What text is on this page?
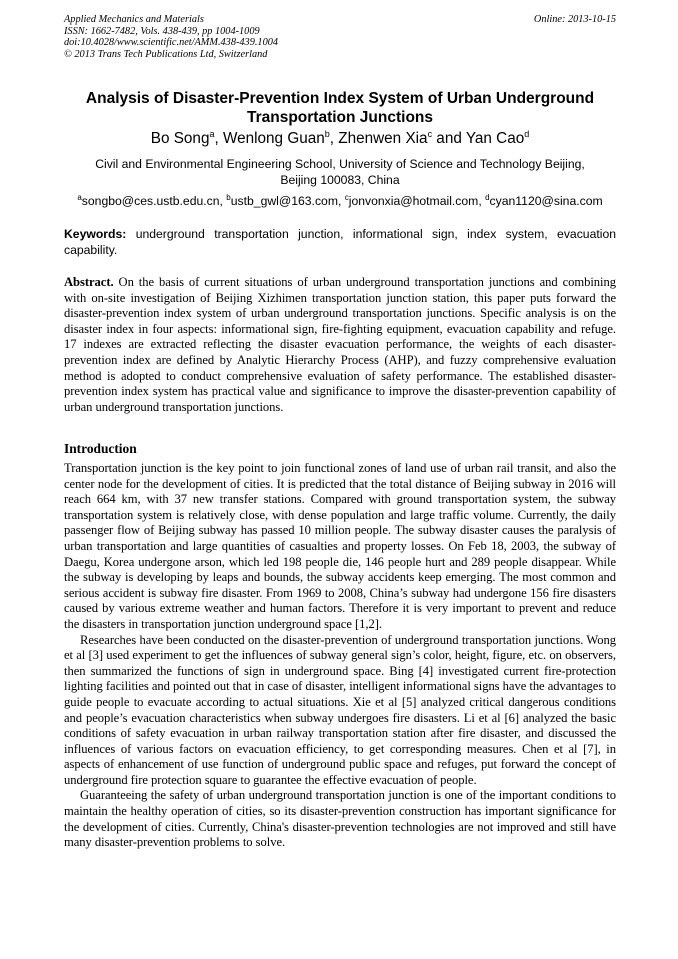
Applied Mechanics and Materials
ISSN: 1662-7482, Vols. 438-439, pp 1004-1009
doi:10.4028/www.scientific.net/AMM.438-439.1004
© 2013 Trans Tech Publications Ltd, Switzerland
Online: 2013-10-15
Analysis of Disaster-Prevention Index System of Urban Underground
Transportation Junctions
Bo Song$^a$, Wenlong Guan$^b$, Zhenwen Xia$^c$ and Yan Cao$^d$
Civil and Environmental Engineering School, University of Science and Technology Beijing,
Beijing 100083, China
$^a$songbo@ces.ustb.edu.cn, $^b$ustb_gwl@163.com, $^c$jonvonxia@hotmail.com, $^d$cyan1120@sina.com
Keywords: underground transportation junction, informational sign, index system, evacuation capability.

Abstract. On the basis of current situations of urban underground transportation junctions and combining with on-site investigation of Beijing Xizhimen transportation junction station, this paper puts forward the disaster-prevention index system of urban underground transportation junctions. Specific analysis is on the disaster index in four aspects: informational sign, fire-fighting equipment, evacuation capability and refuge. 17 indexes are extracted reflecting the disaster evacuation performance, the weights of each disaster-prevention index are defined by Analytic Hierarchy Process (AHP), and fuzzy comprehensive evaluation method is adopted to conduct comprehensive evaluation of safety performance. The established disaster-prevention index system has practical value and significance to improve the disaster-prevention capability of urban underground transportation junctions.

Introduction

Transportation junction is the key point to join functional zones of land use of urban rail transit, and also the center node for the development of cities. It is predicted that the total distance of Beijing subway in 2016 will reach 664 km, with 37 new transfer stations. Compared with ground transportation system, the subway transportation system is relatively close, with dense population and large traffic volume. Currently, the daily passenger flow of Beijing subway has passed 10 million people. The subway disaster causes the paralysis of urban transportation and large quantities of casualties and property losses. On Feb 18, 2003, the subway of Daegu, Korea undergone arson, which led 198 people die, 146 people hurt and 289 people disappear. While the subway is developing by leaps and bounds, the subway accidents keep emerging. The most common and serious accident is subway fire disaster. From 1969 to 2008, China’s subway had undergone 156 fire disasters caused by various extreme weather and human factors. Therefore it is very important to prevent and reduce the disasters in transportation junction underground space [1,2].

Researches have been conducted on the disaster-prevention of underground transportation junctions. Wong et al [3] used experiment to get the influences of subway general sign’s color, height, figure, etc. on observers, then summarized the functions of sign in underground space. Bing [4] investigated current fire-protection lighting facilities and pointed out that in case of disaster, intelligent informational signs have the advantages to guide people to evacuate according to actual situations. Xie et al [5] analyzed critical dangerous conditions and people’s evacuation characteristics when subway undergoes fire disasters. Li et al [6] analyzed the basic conditions of safety evacuation in urban railway transportation station after fire disaster, and discussed the influences of various factors on evacuation efficiency, to get corresponding measures. Chen et al [7], in aspects of enhancement of use function of underground public space and refuges, put forward the concept of underground fire protection square to guarantee the effective evacuation of people.

Guaranteeing the safety of urban underground transportation junction is one of the important conditions to maintain the healthy operation of cities, so its disaster-prevention construction has important significance for the development of cities. Currently, China's disaster-prevention technologies are not improved and still have many disaster-prevention problems to solve.
